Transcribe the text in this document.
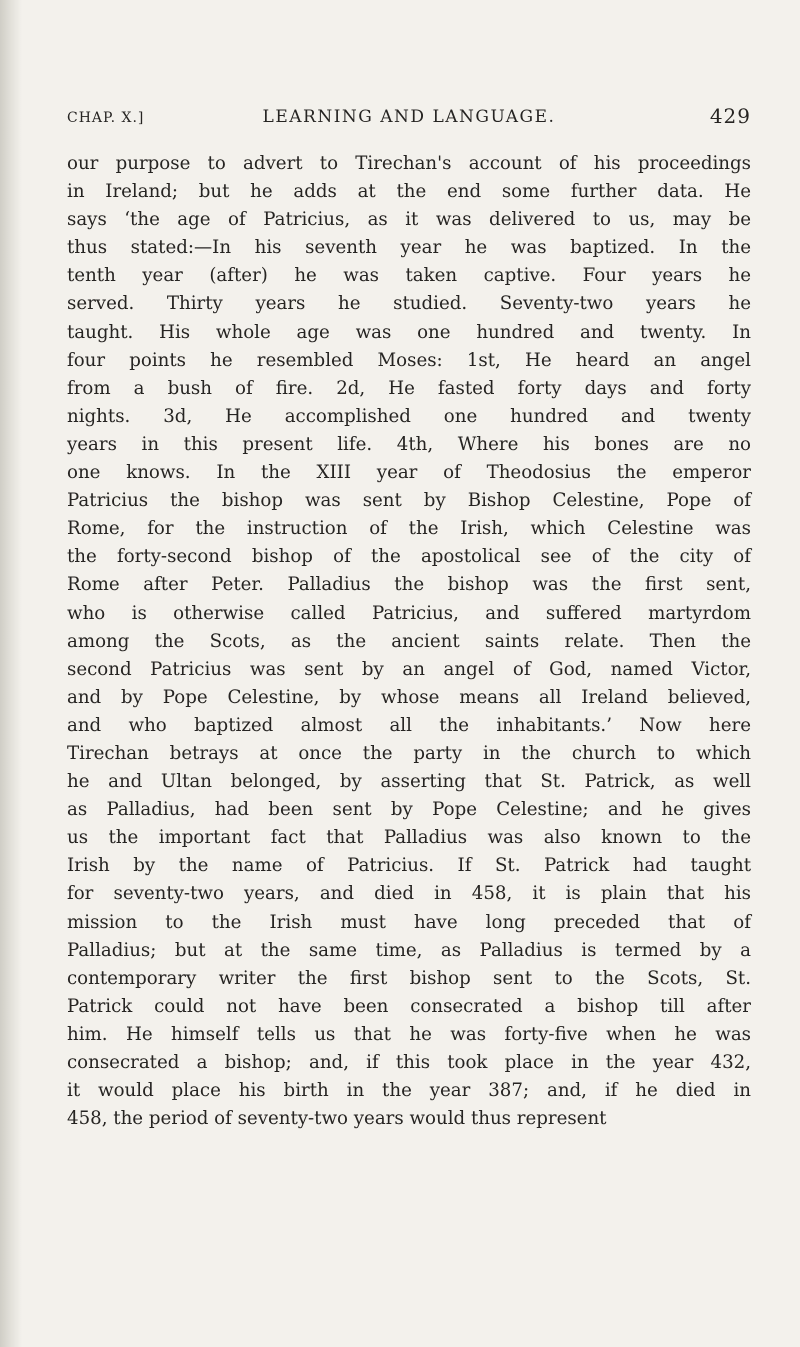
CHAP. X.]	LEARNING AND LANGUAGE.	429
our purpose to advert to Tirechan's account of his proceedings
in Ireland; but he adds at the end some further data. He
says ‘the age of Patricius, as it was delivered to us, may be
thus stated:—In his seventh year he was baptized. In the
tenth year (after) he was taken captive. Four years he
served. Thirty years he studied. Seventy-two years he
taught. His whole age was one hundred and twenty. In
four points he resembled Moses: 1st, He heard an angel
from a bush of fire. 2d, He fasted forty days and forty
nights. 3d, He accomplished one hundred and twenty
years in this present life. 4th, Where his bones are no
one knows. In the XIII year of Theodosius the emperor
Patricius the bishop was sent by Bishop Celestine, Pope of
Rome, for the instruction of the Irish, which Celestine was
the forty-second bishop of the apostolical see of the city of
Rome after Peter. Palladius the bishop was the first sent,
who is otherwise called Patricius, and suffered martyrdom
among the Scots, as the ancient saints relate. Then the
second Patricius was sent by an angel of God, named Victor,
and by Pope Celestine, by whose means all Ireland believed,
and who baptized almost all the inhabitants.’ Now here
Tirechan betrays at once the party in the church to which
he and Ultan belonged, by asserting that St. Patrick, as well
as Palladius, had been sent by Pope Celestine; and he gives
us the important fact that Palladius was also known to the
Irish by the name of Patricius. If St. Patrick had taught
for seventy-two years, and died in 458, it is plain that his
mission to the Irish must have long preceded that of
Palladius; but at the same time, as Palladius is termed by a
contemporary writer the first bishop sent to the Scots, St.
Patrick could not have been consecrated a bishop till after
him. He himself tells us that he was forty-five when he was
consecrated a bishop; and, if this took place in the year 432,
it would place his birth in the year 387; and, if he died in
458, the period of seventy-two years would thus represent
